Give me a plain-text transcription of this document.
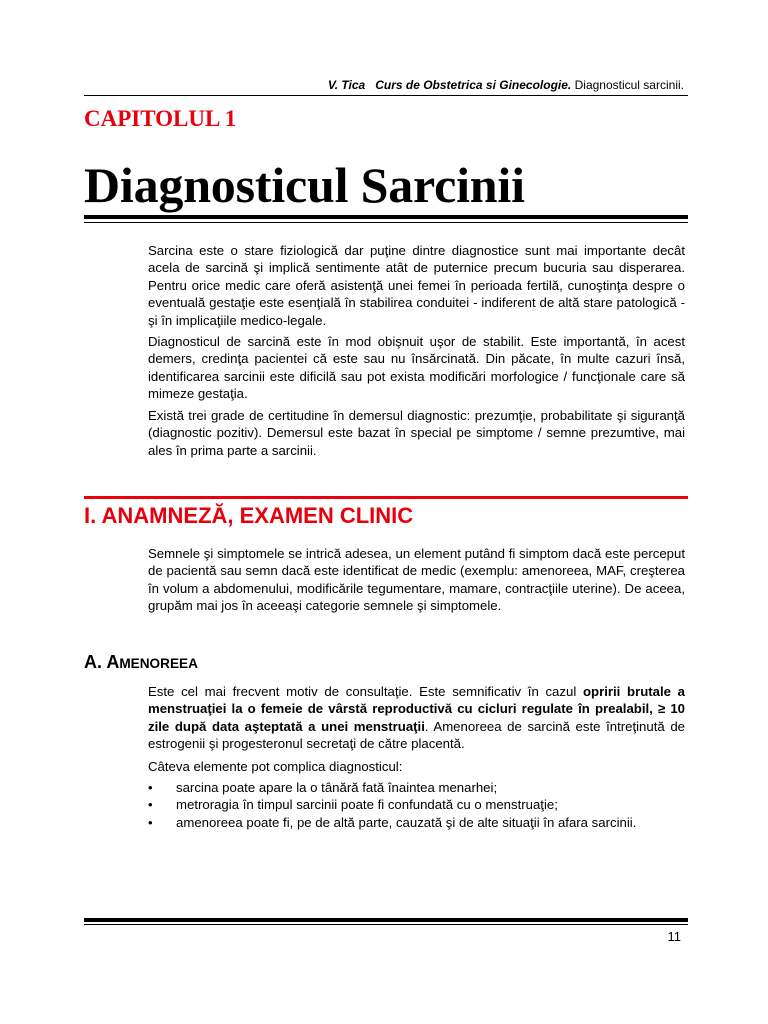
V. Tica Curs de Obstetrica si Ginecologie. Diagnosticul sarcinii.
CAPITOLUL 1
Diagnosticul Sarcinii

Sarcina este o stare fiziologică dar puţine dintre diagnostice sunt mai importante decât acela de sarcină şi implică sentimente atât de puternice precum bucuria sau disperarea. Pentru orice medic care oferă asistenţă unei femei în perioada fertilă, cunoştinţa despre o eventuală gestaţie este esenţială în stabilirea conduitei - indiferent de altă stare patologică - şi în implicaţiile medico-legale.

Diagnosticul de sarcină este în mod obişnuit uşor de stabilit. Este importantă, în acest demers, credinţa pacientei că este sau nu însărcinată. Din păcate, în multe cazuri însă, identificarea sarcinii este dificilă sau pot exista modificări morfologice / funcţionale care să mimeze gestaţia.

Există trei grade de certitudine în demersul diagnostic: prezumţie, probabilitate şi siguranţă (diagnostic pozitiv). Demersul este bazat în special pe simptome / semne prezumtive, mai ales în prima parte a sarcinii.

I. ANAMNEZĂ, EXAMEN CLINIC

Semnele şi simptomele se intrică adesea, un element putând fi simptom dacă este perceput de pacientă sau semn dacă este identificat de medic (exemplu: amenoreea, MAF, creşterea în volum a abdomenului, modificările tegumentare, mamare, contracţiile uterine). De aceea, grupăm mai jos în aceeaşi categorie semnele şi simptomele.

A. AMENOREEA

Este cel mai frecvent motiv de consultaţie. Este semnificativ în cazul opririi brutale a menstruaţiei la o femeie de vârstă reproductivă cu cicluri regulate în prealabil, ≥ 10 zile după data aşteptată a unei menstruaţii. Amenoreea de sarcină este întreţinută de estrogenii şi progesteronul secretaţi de către placentă.

Câteva elemente pot complica diagnosticul:

• sarcina poate apare la o tânără fată înaintea menarhei;
• metroragia în timpul sarcinii poate fi confundată cu o menstruaţie;
• amenoreea poate fi, pe de altă parte, cauzată şi de alte situaţii în afara sarcinii.
11
